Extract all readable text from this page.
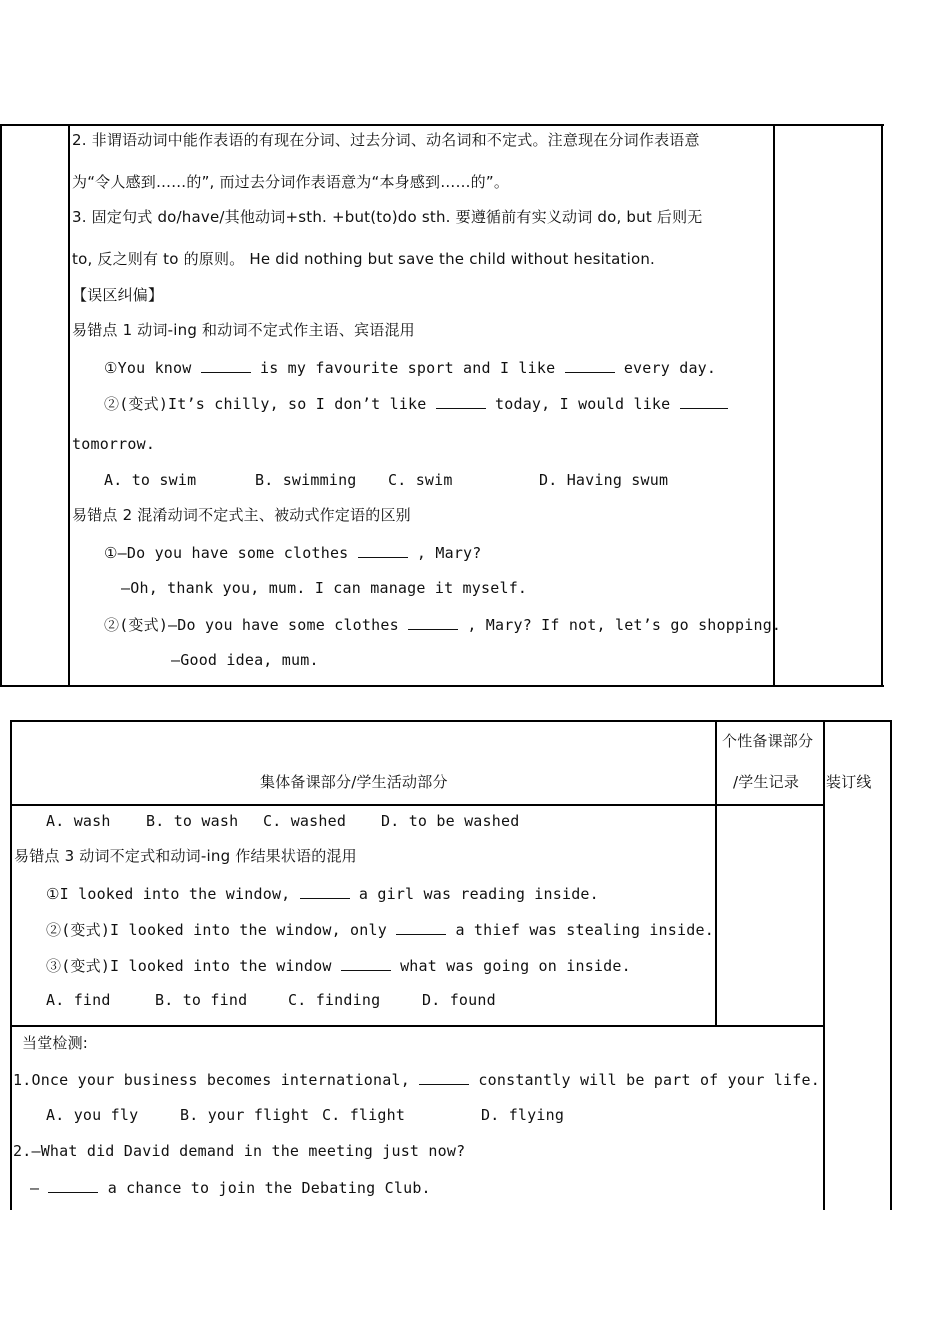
2. 非谓语动词中能作表语的有现在分词、过去分词、动名词和不定式。注意现在分词作表语意
为“令人感到……的”, 而过去分词作表语意为“本身感到……的”。
3. 固定句式 do/have/其他动词+sth. +but(to)do sth. 要遵循前有实义动词 do, but 后则无
to, 反之则有 to 的原则。 He did nothing but save the child without hesitation.
【误区纠偏】
易错点 1 动词-ing 和动词不定式作主语、宾语混用
①You know	is my favourite sport and I like	every day.
②(变式)It’s chilly, so I don’t like	today, I would like
tomorrow.
A. to swim	B. swimming C. swim	D. Having swum
易错点 2 混淆动词不定式主、被动式作定语的区别
①—Do you have some clothes	, Mary?
—Oh, thank you, mum. I can manage it myself.
②(变式)—Do you have some clothes	, Mary? If not, let’s go shopping.
—Good idea, mum.
集体备课部分/学生活动部分
个性备课部分
/学生记录 装订线
A. wash B. to wash C. washed D. to be washed
易错点 3 动词不定式和动词-ing 作结果状语的混用
①I looked into the window,	a girl was reading inside.
②(变式)I looked into the window, only	a thief was stealing inside.
③(变式)I looked into the window	what was going on inside.
A. find	B. to find	C. finding	D. found
当堂检测:
1.Once your business becomes international,	constantly will be part of your life.
A. you fly	B. your flight C. flight	D. flying
2.—What did David demand in the meeting just now?
—	a chance to join the Debating Club.
